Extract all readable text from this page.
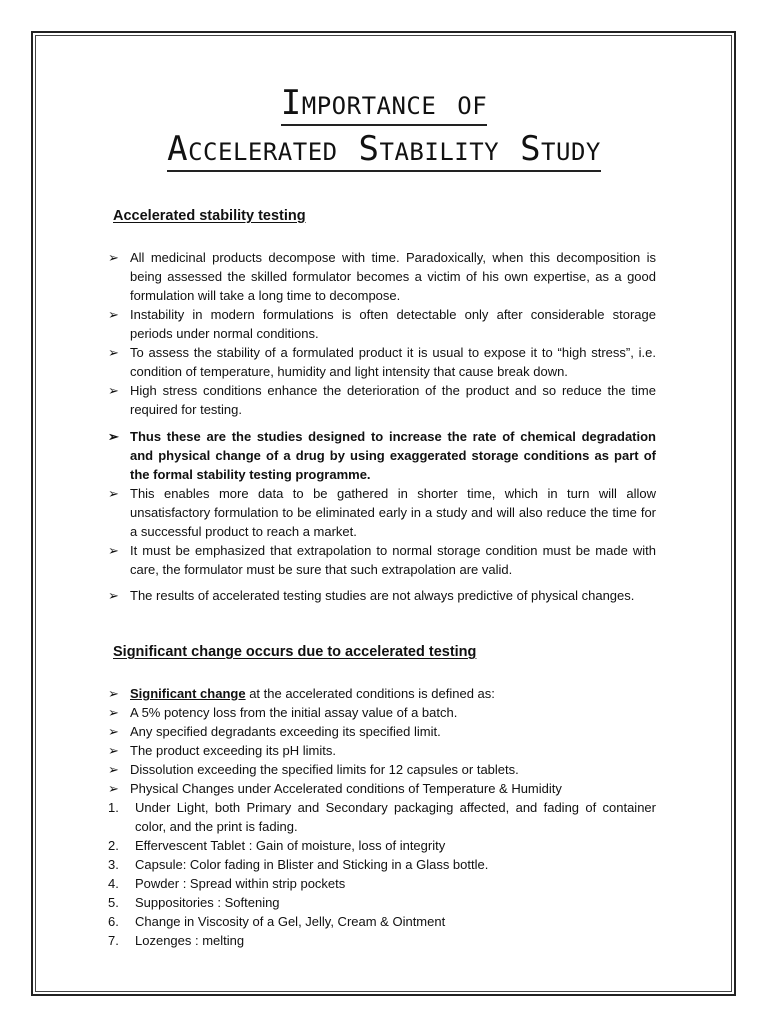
Importance of
Accelerated Stability Study
Accelerated stability testing
➢ All medicinal products decompose with time. Paradoxically, when this decomposition is being assessed the skilled formulator becomes a victim of his own expertise, as a good formulation will take a long time to decompose.
➢ Instability in modern formulations is often detectable only after considerable storage periods under normal conditions.
➢ To assess the stability of a formulated product it is usual to expose it to “high stress”, i.e. condition of temperature, humidity and light intensity that cause break down.
➢ High stress conditions enhance the deterioration of the product and so reduce the time required for testing.
➢ Thus these are the studies designed to increase the rate of chemical degradation and physical change of a drug by using exaggerated storage conditions as part of the formal stability testing programme.
➢ This enables more data to be gathered in shorter time, which in turn will allow unsatisfactory formulation to be eliminated early in a study and will also reduce the time for a successful product to reach a market.
➢ It must be emphasized that extrapolation to normal storage condition must be made with care, the formulator must be sure that such extrapolation are valid.
➢ The results of accelerated testing studies are not always predictive of physical changes.
Significant change occurs due to accelerated testing
➢ Significant change at the accelerated conditions is defined as:
➢ A 5% potency loss from the initial assay value of a batch.
➢ Any specified degradants exceeding its specified limit.
➢ The product exceeding its pH limits.
➢ Dissolution exceeding the specified limits for 12 capsules or tablets.
➢ Physical Changes under Accelerated conditions of Temperature & Humidity
1.	Under Light, both Primary and Secondary packaging affected, and fading of container color, and the print is fading.
2.	Effervescent Tablet : Gain of moisture, loss of integrity
3.	Capsule: Color fading in Blister and Sticking in a Glass bottle.
4.	Powder : Spread within strip pockets
5.	Suppositories : Softening
6.	Change in Viscosity of a Gel, Jelly, Cream & Ointment
7.	Lozenges : melting
